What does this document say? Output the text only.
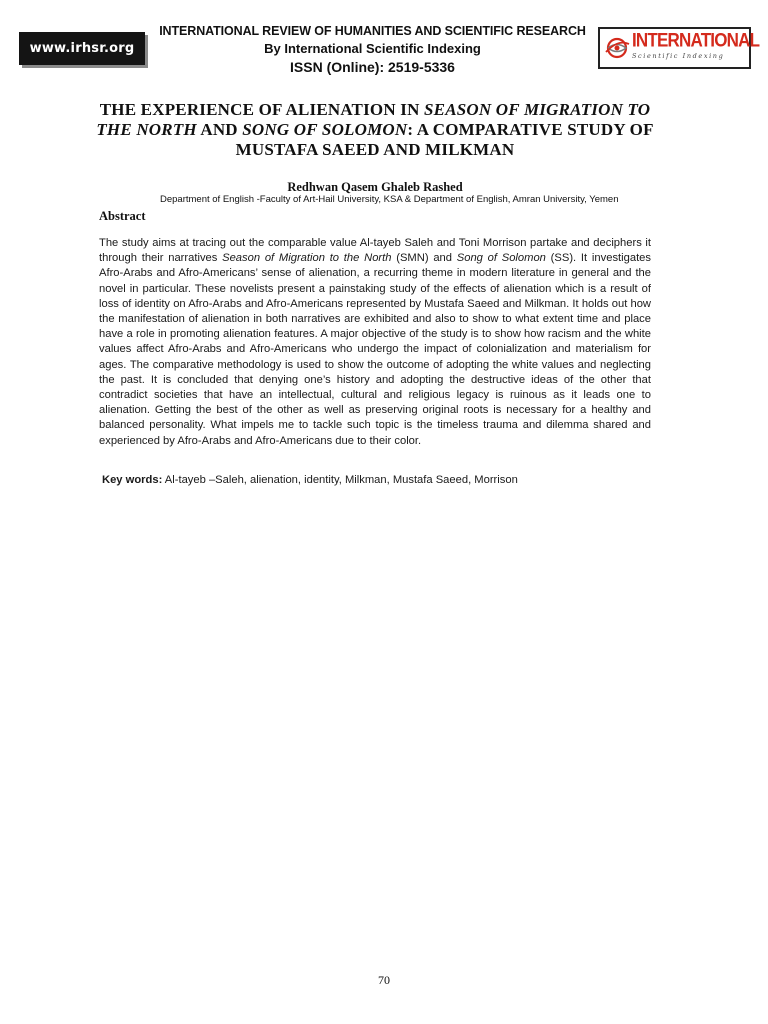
www.irhsr.org
INTERNATIONAL REVIEW OF HUMANITIES AND SCIENTIFIC RESEARCH
By International Scientific Indexing
ISSN (Online): 2519-5336
INTERNATIONAL
Scientific Indexing
THE EXPERIENCE OF ALIENATION IN SEASON OF MIGRATION TO THE NORTH AND SONG OF SOLOMON: A COMPARATIVE STUDY OF MUSTAFA SAEED AND MILKMAN
Redhwan Qasem Ghaleb Rashed
Department of English -Faculty of Art-Hail University, KSA & Department of English, Amran University, Yemen
Abstract
The study aims at tracing out the comparable value Al-tayeb Saleh and Toni Morrison partake and deciphers it through their narratives Season of Migration to the North (SMN) and Song of Solomon (SS). It investigates Afro-Arabs and Afro-Americans’ sense of alienation, a recurring theme in modern literature in general and the novel in particular. These novelists present a painstaking study of the effects of alienation which is a result of loss of identity on Afro-Arabs and Afro-Americans represented by Mustafa Saeed and Milkman. It holds out how the manifestation of alienation in both narratives are exhibited and also to show to what extent time and place have a role in promoting alienation features. A major objective of the study is to show how racism and the white values affect Afro-Arabs and Afro-Americans who undergo the impact of colonialization and materialism for ages. The comparative methodology is used to show the outcome of adopting the white values and neglecting the past. It is concluded that denying one’s history and adopting the destructive ideas of the other that contradict societies that have an intellectual, cultural and religious legacy is ruinous as it leads one to alienation. Getting the best of the other as well as preserving original roots is necessary for a healthy and balanced personality. What impels me to tackle such topic is the timeless trauma and dilemma shared and experienced by Afro-Arabs and Afro-Americans due to their color.
Key words: Al-tayeb –Saleh, alienation, identity, Milkman, Mustafa Saeed, Morrison
70
